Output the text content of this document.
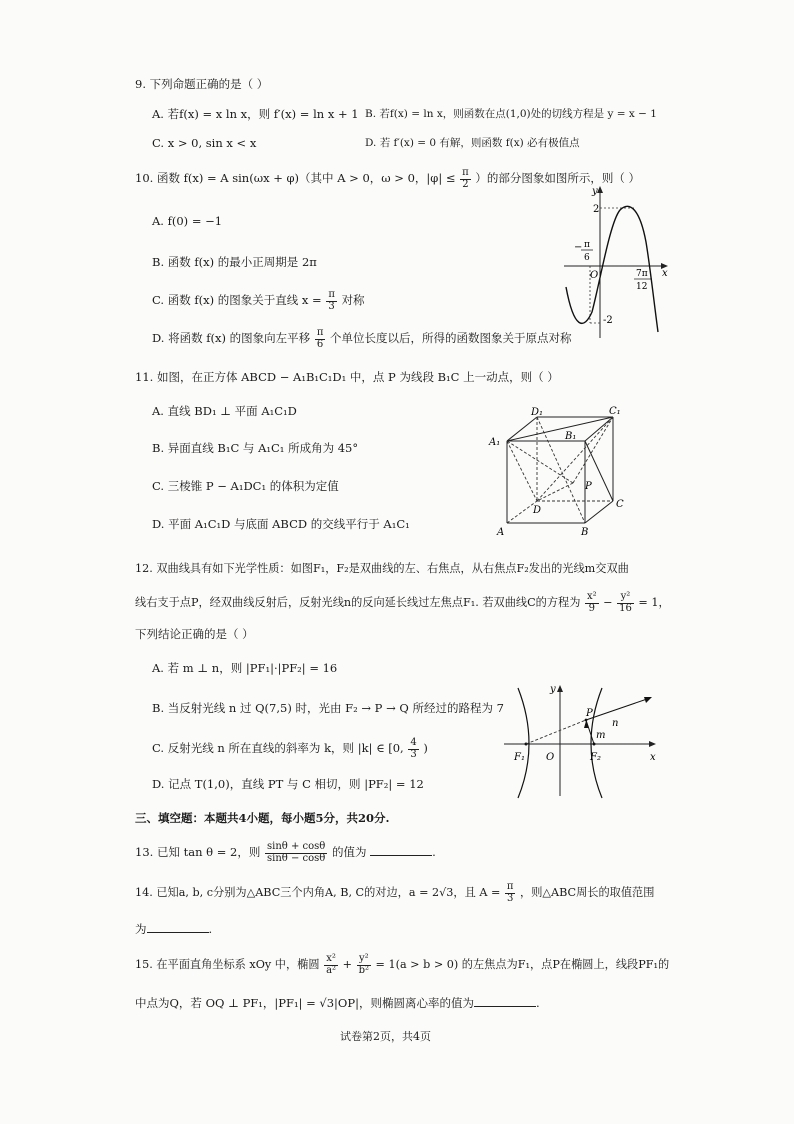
9. 下列命题正确的是（ ）
A. 若f(x) = x ln x，则 f′(x) = ln x + 1 B. 若f(x) = ln x，则函数在点(1,0)处的切线方程是 y = x − 1
C. x > 0, sin x < x	D. 若 f′(x) = 0 有解，则函数 f(x) 必有极值点
10. 函数 f(x) = A sin(ωx + φ)（其中 A > 0，ω > 0，$|\varphi| \le \frac{\pi}{2}$ ）的部分图象如图所示，则（ ）
A. f(0) = −1
B. 函数 f(x) 的最小正周期是 2π
C. 函数 f(x) 的图象关于直线 $x = \frac{\pi}{3}$ 对称
D. 将函数 f(x) 的图象向左平移 $\frac{\pi}{6}$ 个单位长度以后，所得的函数图象关于原点对称
y
x
O
2
-2
− π
6
7π
12
11. 如图，在正方体 ABCD − A₁B₁C₁D₁ 中，点 P 为线段 B₁C 上一动点，则（ ）
A. 直线 BD₁ ⊥ 平面 A₁C₁D
B. 异面直线 B₁C 与 A₁C₁ 所成角为 45°
C. 三棱锥 P − A₁DC₁ 的体积为定值
D. 平面 A₁C₁D 与底面 ABCD 的交线平行于 A₁C₁
D₁	C₁
A₁
B₁
P
C
D
A	B
12. 双曲线具有如下光学性质：如图F₁，F₂是双曲线的左、右焦点，从右焦点F₂发出的光线m交双曲
线右支于点P，经双曲线反射后，反射光线n的反向延长线过左焦点F₁. 若双曲线C的方程为 $\frac{\text{x²}}{9} - \frac{\text{y²}}{16} = 1$，
下列结论正确的是（ ）
A. 若 m ⊥ n，则 |PF₁|·|PF₂| = 16
B. 当反射光线 n 过 Q(7,5) 时，光由 F₂ → P → Q 所经过的路程为 7
C. 反射光线 n 所在直线的斜率为 k，则 |k| ∈ [0, $\frac{4}{3}$ )
D. 记点 T(1,0)，直线 PT 与 C 相切，则 |PF₂| = 12
y
x
O
F₁	F₂
P
m
n
三、填空题：本题共4小题，每小题5分，共20分.
13. 已知 tan θ = 2，则 $\frac{\sin\theta + \cos\theta}{\sin\theta - \cos\theta}$ 的值为	.
14. 已知a, b, c分别为△ABC三个内角A, B, C的对边，a = 2√3，且 $A = \frac{\pi}{3}$ ，则△ABC周长的取值范围
为	.
15. 在平面直角坐标系 xOy 中，椭圆 $\frac{\text{x²}}{\text{a²}} + \frac{\text{y²}}{\text{b²}} = 1(a > b > 0)$ 的左焦点为F₁，点P在椭圆上，线段PF₁的
中点为Q，若 OQ ⊥ PF₁，|PF₁| = √3|OP|，则椭圆离心率的值为	.
试卷第2页，共4页
